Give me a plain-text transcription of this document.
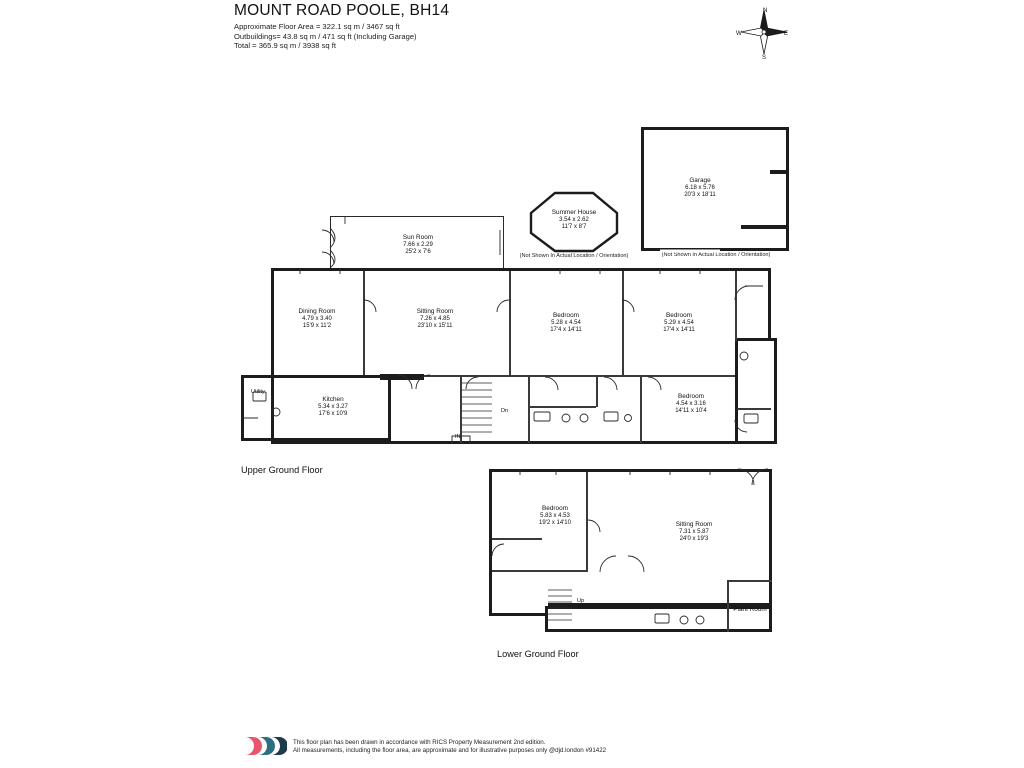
MOUNT ROAD POOLE, BH14
Approximate Floor Area = 322.1 sq m / 3467 sq ft
Outbuildings= 43.8 sq m / 471 sq ft (Including Garage)
Total = 365.9 sq m / 3938 sq ft
N
E
S
W
Garage
6.18 x 5.76
20'3 x 18'11
(Not Shown In Actual Location / Orientation)
Summer House
3.54 x 2.62
11'7 x 8'7
(Not Shown In Actual Location / Orientation)
Sun Room
7.66 x 2.29
25'2 x 7'6
Dining Room
4.79 x 3.40
15'9 x 11'2
Sitting Room
7.26 x 4.85
23'10 x 15'11
Bedroom
5.28 x 4.54
17'4 x 14'11
Bedroom
5.29 x 4.54
17'4 x 14'11
Bedroom
4.54 x 3.16
14'11 x 10'4
Kitchen
5.34 x 3.27
17'6 x 10'9
Utility
Dn
IN
Upper Ground Floor
Bedroom
5.83 x 4.53
19'2 x 14'10	Sitting Room
7.31 x 5.87
24'0 x 19'3
Plant Room
Up
Lower Ground Floor
This floor plan has been drawn in accordance with RICS Property Measurement 2nd edition.
All measurements, including the floor area, are approximate and for illustrative purposes only @djd.london #91422
